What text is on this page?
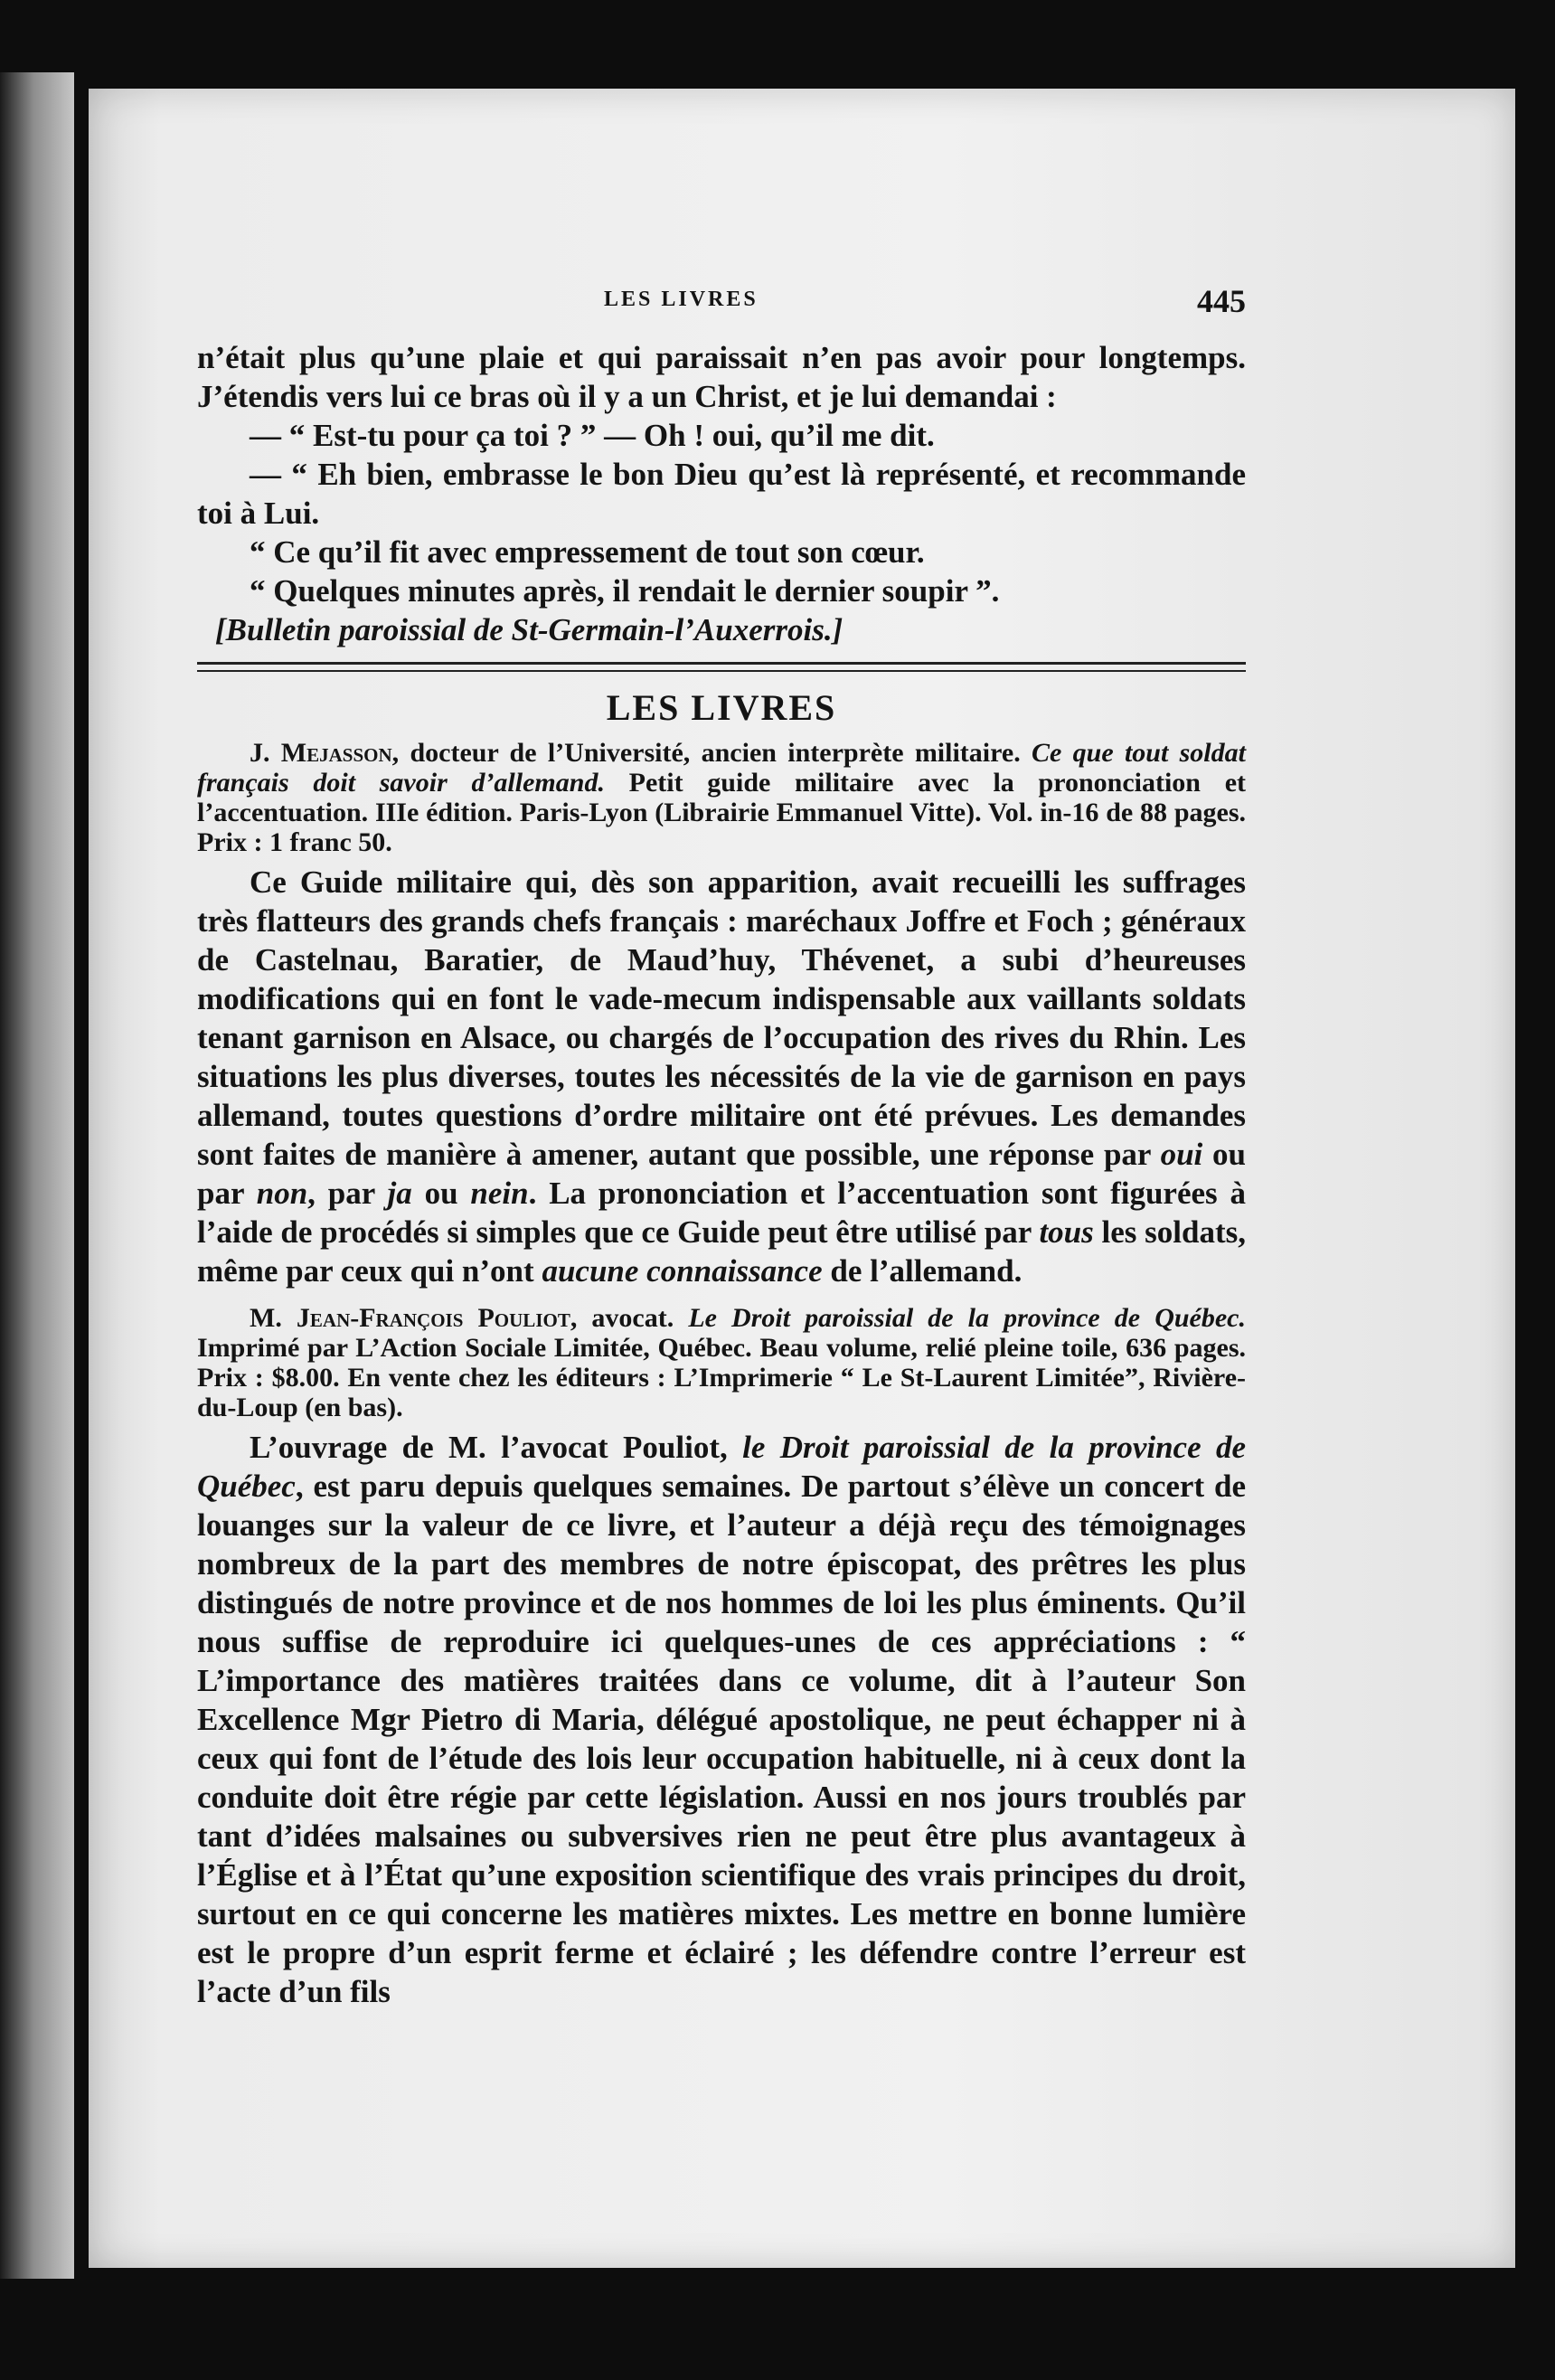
LES LIVRES	445

n’était plus qu’une plaie et qui paraissait n’en pas avoir pour longtemps. J’étendis vers lui ce bras où il y a un Christ, et je lui demandai :

— “ Est-tu pour ça toi ? ” — Oh ! oui, qu’il me dit.

— “ Eh bien, embrasse le bon Dieu qu’est là représenté, et recommande toi à Lui.

“ Ce qu’il fit avec empressement de tout son cœur.

“ Quelques minutes après, il rendait le dernier soupir ”.

[Bulletin paroissial de St-Germain-l’Auxerrois.]

LES LIVRES

J. Mejasson, docteur de l’Université, ancien interprète militaire. Ce que tout soldat français doit savoir d’allemand. Petit guide militaire avec la prononciation et l’accentuation. IIIe édition. Paris-Lyon (Librairie Emmanuel Vitte). Vol. in-16 de 88 pages. Prix : 1 franc 50.

Ce Guide militaire qui, dès son apparition, avait recueilli les suffrages très flatteurs des grands chefs français : maréchaux Joffre et Foch ; généraux de Castelnau, Baratier, de Maud’huy, Thévenet, a subi d’heureuses modifications qui en font le vade-mecum indispensable aux vaillants soldats tenant garnison en Alsace, ou chargés de l’occupation des rives du Rhin. Les situations les plus diverses, toutes les nécessités de la vie de garnison en pays allemand, toutes questions d’ordre militaire ont été prévues. Les demandes sont faites de manière à amener, autant que possible, une réponse par oui ou par non, par ja ou nein. La prononciation et l’accentuation sont figurées à l’aide de procédés si simples que ce Guide peut être utilisé par tous les soldats, même par ceux qui n’ont aucune connaissance de l’allemand.

M. Jean-François Pouliot, avocat. Le Droit paroissial de la province de Québec. Imprimé par L’Action Sociale Limitée, Québec. Beau volume, relié pleine toile, 636 pages. Prix : $8.00. En vente chez les éditeurs : L’Imprimerie “ Le St-Laurent Limitée”, Rivière-du-Loup (en bas).

L’ouvrage de M. l’avocat Pouliot, le Droit paroissial de la province de Québec, est paru depuis quelques semaines. De partout s’élève un concert de louanges sur la valeur de ce livre, et l’auteur a déjà reçu des témoignages nombreux de la part des membres de notre épiscopat, des prêtres les plus distingués de notre province et de nos hommes de loi les plus éminents. Qu’il nous suffise de reproduire ici quelques-unes de ces appréciations : “ L’importance des matières traitées dans ce volume, dit à l’auteur Son Excellence Mgr Pietro di Maria, délégué apostolique, ne peut échapper ni à ceux qui font de l’étude des lois leur occupation habituelle, ni à ceux dont la conduite doit être régie par cette législation. Aussi en nos jours troublés par tant d’idées malsaines ou subversives rien ne peut être plus avantageux à l’Église et à l’État qu’une exposition scientifique des vrais principes du droit, surtout en ce qui concerne les matières mixtes. Les mettre en bonne lumière est le propre d’un esprit ferme et éclairé ; les défendre contre l’erreur est l’acte d’un fils
